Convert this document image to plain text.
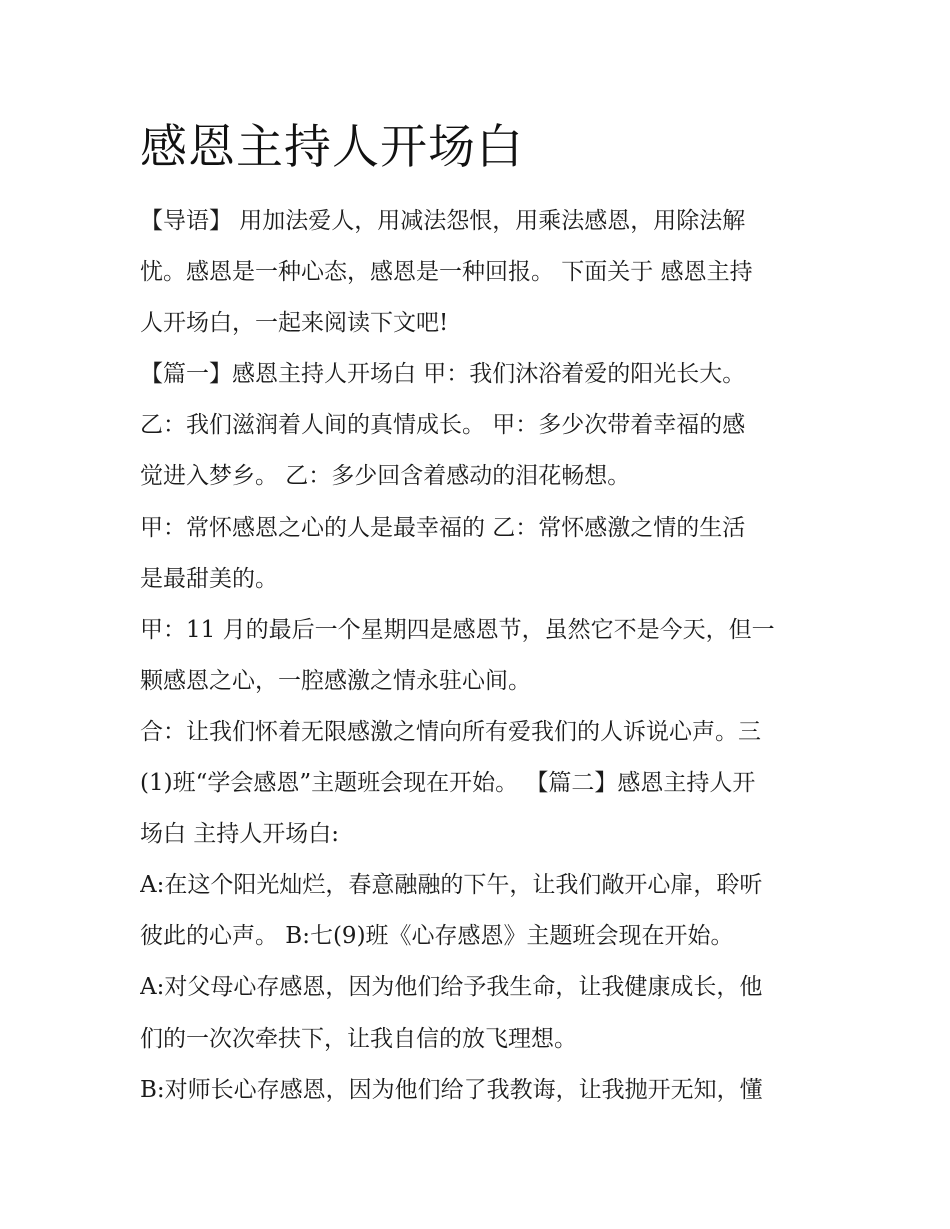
感恩主持人开场白
【导语】 用加法爱人，用减法怨恨，用乘法感恩，用除法解
忧。感恩是一种心态，感恩是一种回报。 下面关于 感恩主持
人开场白，一起来阅读下文吧!
【篇一】感恩主持人开场白 甲：我们沐浴着爱的阳光长大。
乙：我们滋润着人间的真情成长。 甲：多少次带着幸福的感
觉进入梦乡。 乙：多少回含着感动的泪花畅想。
甲：常怀感恩之心的人是最幸福的 乙：常怀感激之情的生活
是最甜美的。
甲：11 月的最后一个星期四是感恩节，虽然它不是今天，但一
颗感恩之心，一腔感激之情永驻心间。
合：让我们怀着无限感激之情向所有爱我们的人诉说心声。三
(1)班“学会感恩”主题班会现在开始。 【篇二】感恩主持人开
场白 主持人开场白:
A:在这个阳光灿烂，春意融融的下午，让我们敞开心扉，聆听
彼此的心声。 B:七(9)班《心存感恩》主题班会现在开始。
A:对父母心存感恩，因为他们给予我生命，让我健康成长，他
们的一次次牵扶下，让我自信的放飞理想。
B:对师长心存感恩，因为他们给了我教诲，让我抛开无知，懂
